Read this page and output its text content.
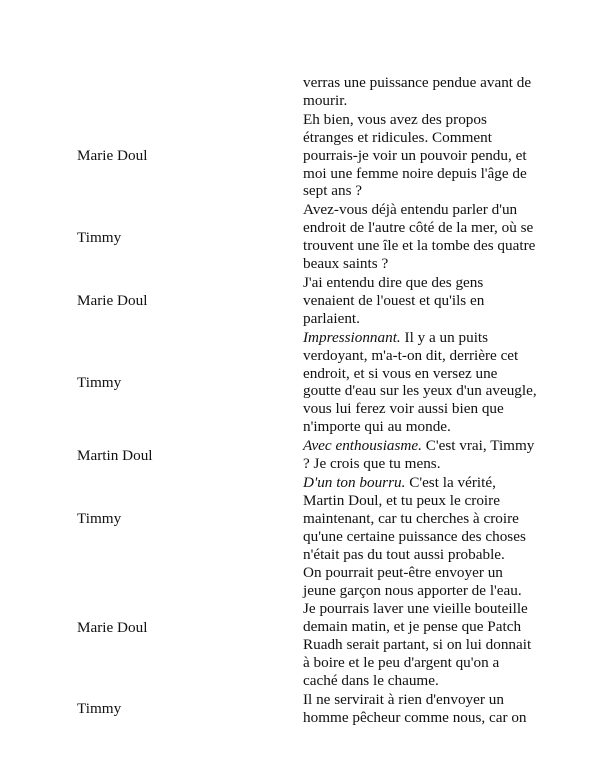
	verras une puissance pendue avant de mourir.
Marie Doul	Eh bien, vous avez des propos étranges et ridicules. Comment pourrais-je voir un pouvoir pendu, et moi une femme noire depuis l'âge de sept ans ?
Timmy	Avez-vous déjà entendu parler d'un endroit de l'autre côté de la mer, où se trouvent une île et la tombe des quatre beaux saints ?
Marie Doul	J'ai entendu dire que des gens venaient de l'ouest et qu'ils en parlaient.
Timmy	Impressionnant. Il y a un puits verdoyant, m'a-t-on dit, derrière cet endroit, et si vous en versez une goutte d'eau sur les yeux d'un aveugle, vous lui ferez voir aussi bien que n'importe qui au monde.
Martin Doul	Avec enthousiasme. C'est vrai, Timmy ? Je crois que tu mens.
Timmy	D'un ton bourru. C'est la vérité, Martin Doul, et tu peux le croire maintenant, car tu cherches à croire qu'une certaine puissance des choses n'était pas du tout aussi probable.
Marie Doul	On pourrait peut-être envoyer un jeune garçon nous apporter de l'eau. Je pourrais laver une vieille bouteille demain matin, et je pense que Patch Ruadh serait partant, si on lui donnait à boire et le peu d'argent qu'on a caché dans le chaume.
Timmy	Il ne servirait à rien d'envoyer un homme pêcheur comme nous, car on
